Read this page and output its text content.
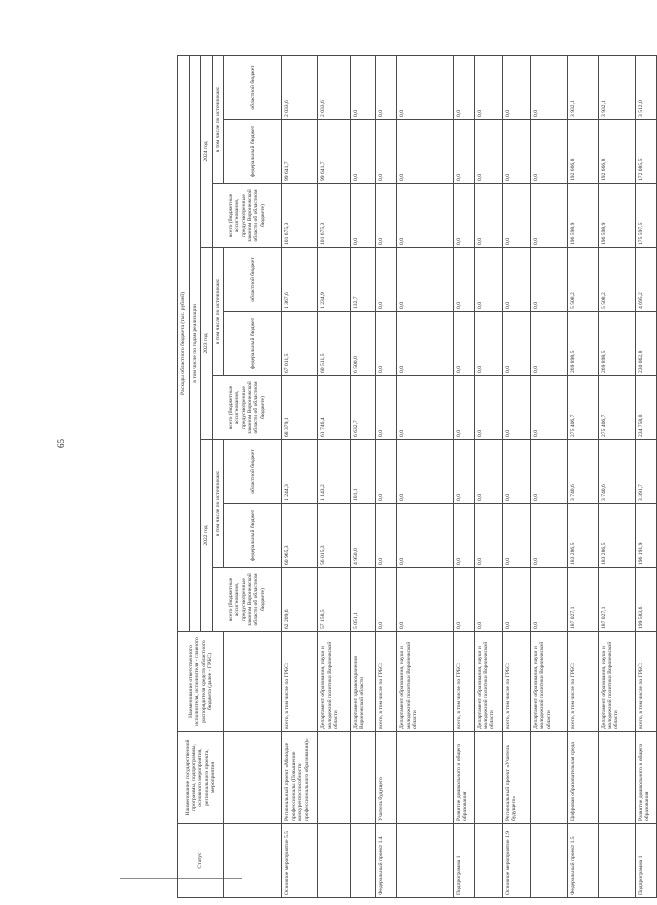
65
Статус	Наименование государственной программы, подпрограммы, основного мероприятия, регионального проекта, мероприятия	Наименование ответственного исполнителя, исполнителя - главного распорядителя средств областного бюджета (далее - ГРБС)	Расходы областного бюджета (тыс. рублей)								
			в том числе по годам реализации								
			2022 год			2023 год			2024 год		
			всего (бюджетные ассигнования, предусмотренные законом Воронежской области об областном бюджете)	в том числе по источникам:		всего (бюджетные ассигнования, предусмотренные законом Воронежской области об областном бюджете)	в том числе по источникам:		всего (бюджетные ассигнования, предусмотренные законом Воронежской области об областном бюджете)	в том числе по источникам:	
				федеральный бюджет	областной бюджет		федеральный бюджет	областной бюджет		федеральный бюджет	областной бюджет
Основное мероприятие 5.5	Региональный проект «Молодые профессионалы (Повышение конкурентоспособности профессионального образования)»	всего, в том числе по ГРБС:	62 209,6	60 965,3	1 244,3	68 379,1	67 011,5	1 367,6	101 675,3	99 641,7	2 033,6
		Департамент образования, науки и молодежной политики Воронежской области	57 158,5	56 015,3	1 143,2	61 746,4	60 511,5	1 234,9	101 675,3	99 641,7	2 033,6
		Департамент здравоохранения Воронежской области	5 051,1	4 950,0	101,1	6 632,7	6 500,0	132,7	0,0	0,0	0,0
Федеральный проект 1.4	Учитель будущего	всего, в том числе по ГРБС:	0,0	0,0	0,0	0,0	0,0	0,0	0,0	0,0	0,0
		Департамент образования, науки и молодежной политики Воронежской области	0,0	0,0	0,0	0,0	0,0	0,0	0,0	0,0	0,0
Подпрограмма 1	Развитие дошкольного и общего образования	всего, в том числе по ГРБС:	0,0	0,0	0,0	0,0	0,0	0,0	0,0	0,0	0,0
		Департамент образования, науки и молодежной политики Воронежской области	0,0	0,0	0,0	0,0	0,0	0,0	0,0	0,0	0,0
Основное мероприятие 1.9	Региональный проект «Учитель будущего»	всего, в том числе по ГРБС:	0,0	0,0	0,0	0,0	0,0	0,0	0,0	0,0	0,0
		Департамент образования, науки и молодежной политики Воронежской области	0,0	0,0	0,0	0,0	0,0	0,0	0,0	0,0	0,0
Федеральный проект 1.5	Цифровая образовательная среда	всего, в том числе по ГРБС:	187 027,1	183 286,5	3 740,6	275 406,7	269 898,5	5 508,2	196 598,9	192 666,8	3 932,1
		Департамент образования, науки и молодежной политики Воронежской области	187 027,1	183 286,5	3 740,6	275 406,7	269 898,5	5 508,2	196 598,9	192 666,8	3 932,1
Подпрограмма 1	Развитие дошкольного и общего образования	всего, в том числе по ГРБС:	199 583,6	196 191,9	3 391,7	234 758,0	230 062,8	4 695,2	175 597,5	172 085,5	3 512,0
